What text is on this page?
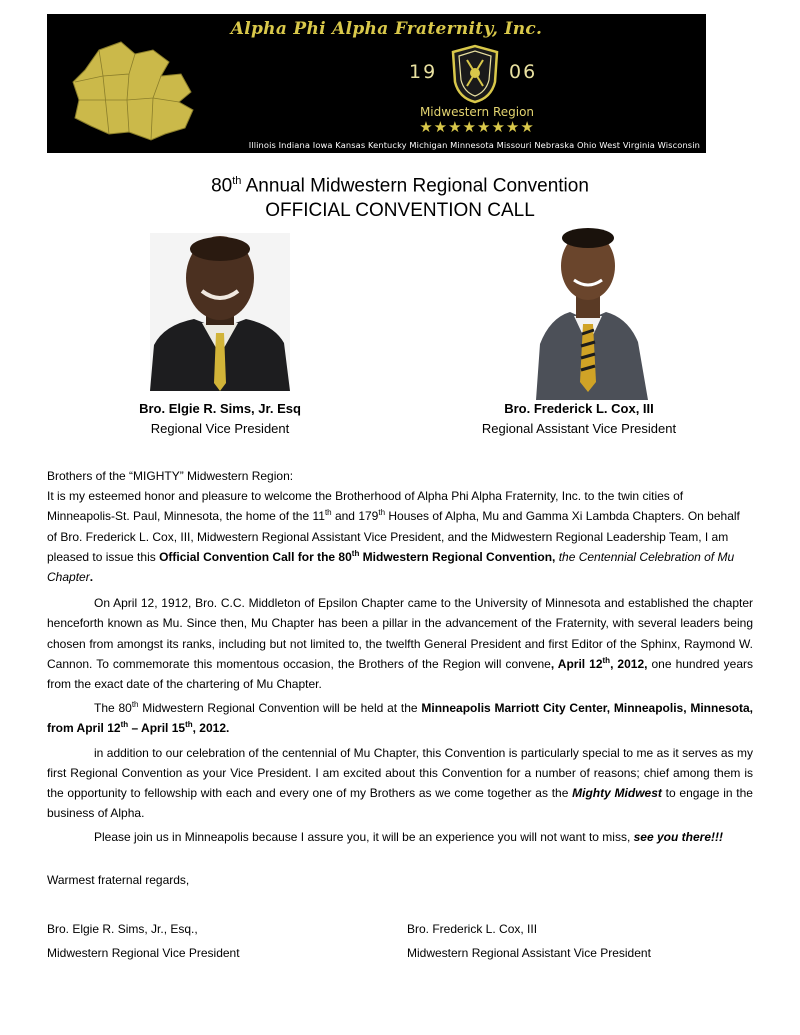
Alpha Phi Alpha Fraternity, Inc.
19	06
Midwestern Region
★★★★★★★★
Illinois Indiana Iowa Kansas Kentucky Michigan Minnesota Missouri Nebraska Ohio West Virginia Wisconsin
80th Annual Midwestern Regional Convention
OFFICIAL CONVENTION CALL
Bro. Elgie R. Sims, Jr. Esq
Regional Vice President
Bro. Frederick L. Cox, III
Regional Assistant Vice President

Brothers of the “MIGHTY” Midwestern Region:

It is my esteemed honor and pleasure to welcome the Brotherhood of Alpha Phi Alpha Fraternity, Inc. to the twin cities of Minneapolis-St. Paul, Minnesota, the home of the 11th and 179th Houses of Alpha, Mu and Gamma Xi Lambda Chapters. On behalf of Bro. Frederick L. Cox, III, Midwestern Regional Assistant Vice President, and the Midwestern Regional Leadership Team, I am pleased to issue this Official Convention Call for the 80th Midwestern Regional Convention, the Centennial Celebration of Mu Chapter.

On April 12, 1912, Bro. C.C. Middleton of Epsilon Chapter came to the University of Minnesota and established the chapter henceforth known as Mu. Since then, Mu Chapter has been a pillar in the advancement of the Fraternity, with several leaders being chosen from amongst its ranks, including but not limited to, the twelfth General President and first Editor of the Sphinx, Raymond W. Cannon. To commemorate this momentous occasion, the Brothers of the Region will convene, April 12th, 2012, one hundred years from the exact date of the chartering of Mu Chapter.

The 80th Midwestern Regional Convention will be held at the Minneapolis Marriott City Center, Minneapolis, Minnesota, from April 12th – April 15th, 2012.

in addition to our celebration of the centennial of Mu Chapter, this Convention is particularly special to me as it serves as my first Regional Convention as your Vice President. I am excited about this Convention for a number of reasons; chief among them is the opportunity to fellowship with each and every one of my Brothers as we come together as the Mighty Midwest to engage in the business of Alpha.

Please join us in Minneapolis because I assure you, it will be an experience you will not want to miss, see you there!!!

Warmest fraternal regards,
Bro. Elgie R. Sims, Jr., Esq.,
Midwestern Regional Vice President
Bro. Frederick L. Cox, III
Midwestern Regional Assistant Vice President
